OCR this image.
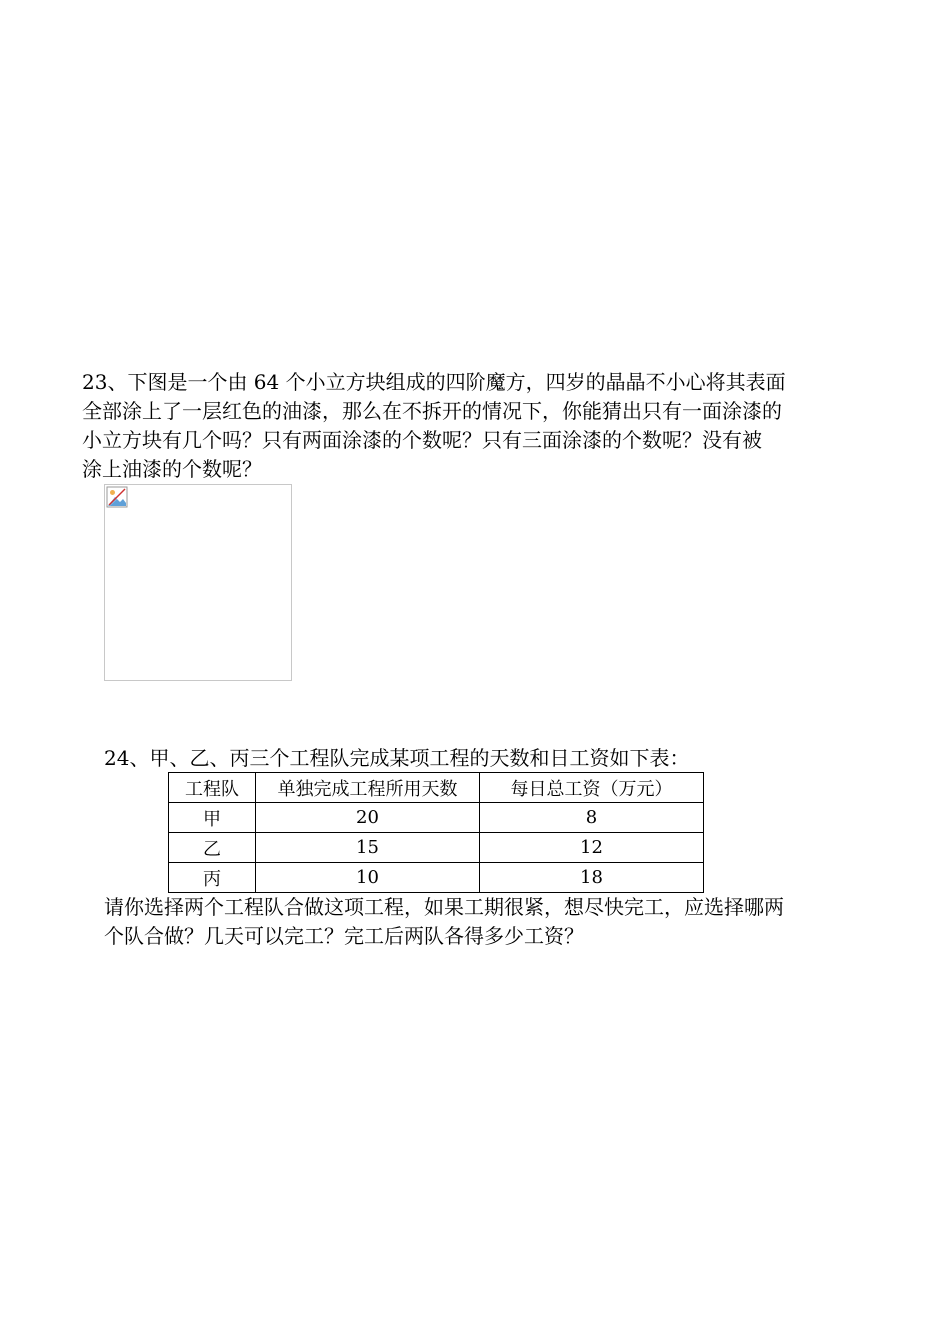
23、下图是一个由 64 个小立方块组成的四阶魔方，四岁的晶晶不小心将其表面
全部涂上了一层红色的油漆，那么在不拆开的情况下，你能猜出只有一面涂漆的
小立方块有几个吗？只有两面涂漆的个数呢？只有三面涂漆的个数呢？没有被
涂上油漆的个数呢？
24、甲、乙、丙三个工程队完成某项工程的天数和日工资如下表：
工程队	单独完成工程所用天数	每日总工资（万元）
甲	20	8
乙	15	12
丙	10	18
请你选择两个工程队合做这项工程，如果工期很紧，想尽快完工，应选择哪两
个队合做？几天可以完工？完工后两队各得多少工资？
